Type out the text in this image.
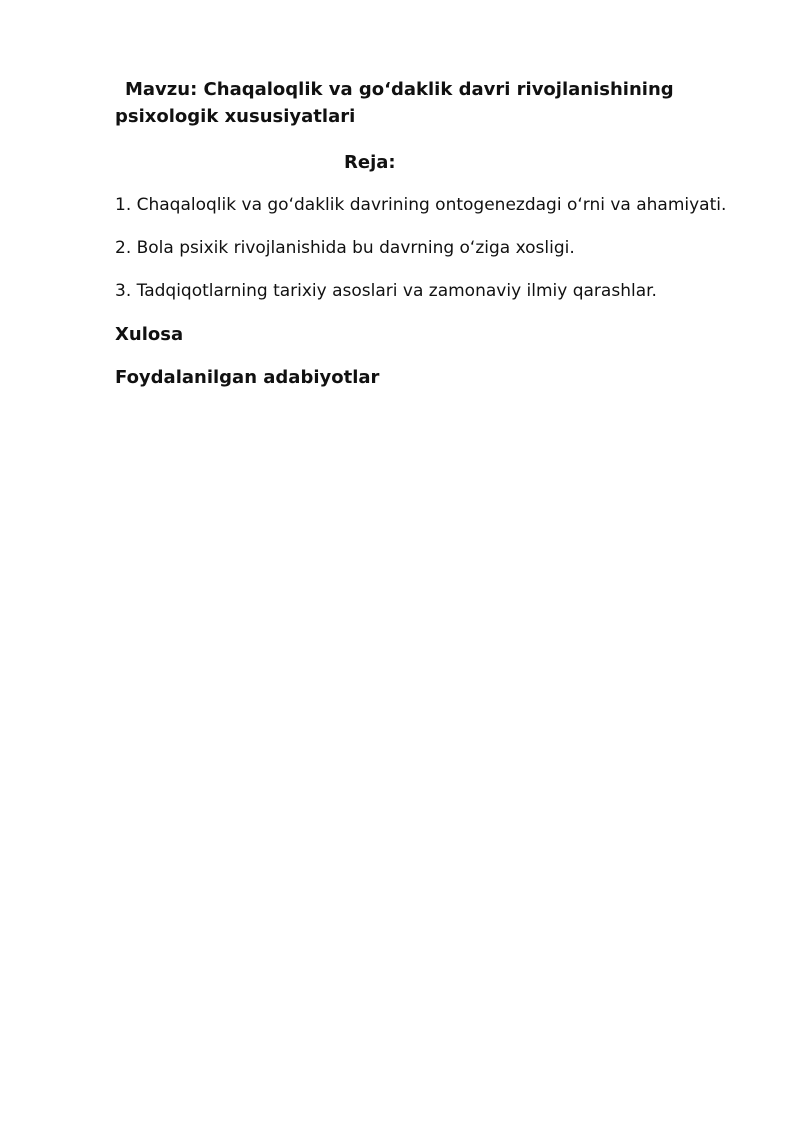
Mavzu: Chaqaloqlik va go‘daklik davri rivojlanishining psixologik xususiyatlari

Reja:

1. Chaqaloqlik va go‘daklik davrining ontogenezdagi o‘rni va ahamiyati.

2. Bola psixik rivojlanishida bu davrning o‘ziga xosligi.

3. Tadqiqotlarning tarixiy asoslari va zamonaviy ilmiy qarashlar.

Xulosa

Foydalanilgan adabiyotlar
